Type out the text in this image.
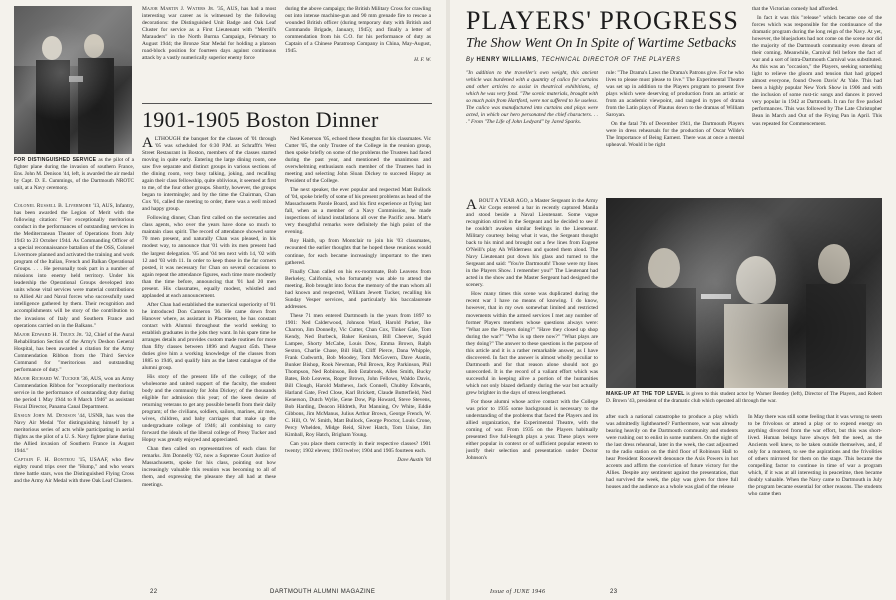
FOR DISTINGUISHED SERVICE as the pilot of a fighter plane during the invasion of southern France, Ens. John M. Denison '44, left, is awarded the air medal by Capt. D. E. Cummings, of the Dartmouth NROTC unit, at a Navy ceremony.

Colonel Russell B. Livermore '13, AUS, Infantry, has been awarded the Legion of Merit with the following citation: "For exceptionally meritorious conduct in the performances of outstanding services in the Mediterranean Theater of Operations from July 1943 to 23 October 1944. As Commanding Officer of a special reconnaissance battalion of the OSS, Colonel Livermore planned and activated the training and work program of the Italian, French and Balkan Operational Groups. . . . He personally took part in a number of missions into enemy held territory. Under his leadership the Operational Groups developed into units whose vital services were material contributions to Allied Air and Naval forces who successfully used intelligence gathered by them. Their recognition and accomplishments will be story of the contribution to the invasions of Italy and Southern France and operations carried on in the Balkans."

Major Edward H. Truex Jr. '32, Chief of the Aural Rehabilitation Section of the Army's Deshon General Hospital, has been awarded a citation for the Army Commendation Ribbon from the Third Service Command for "meritorious and outstanding performance of duty."

Major Richard W. Tucker '36, AUS, won an Army Commendation Ribbon for "exceptionally meritorious service in the performance of outstanding duty during the period 1 May 1944 to 8 March 1946" as assistant Fiscal Director, Panama Canal Department.

Ensign John M. Denison '44, USNR, has won the Navy Air Medal "for distinguishing himself by a meritorious series of acts while participating in aerial flights as the pilot of a U. S. Navy fighter plane during the Allied invasion of Southern France in August 1944."

Captain F. H. Bonteou '15, USAAF, who flew eighty round trips over the "Hump," and who wears three battle stars, won the Distinguished Flying Cross and the Army Air Medal with three Oak Leaf Clusters.

Major Martin J. Waters Jr. '35, AUS, has had a most interesting war career as is witnessed by the following decorations: the Distinguished Unit Badge and Oak Leaf Cluster for service as a First Lieutenant with "Merrill's Marauders" in the North Burma Campaign, February to August 1944; the Bronze Star Medal for holding a platoon road-block position for fourteen days against continuous attack by a vastly numerically superior enemy force

during the above campaign; the British Military Cross for crawling out into intense machine-gun and 90 mm grenade fire to rescue a wounded British officer (during temporary duty with British and Commando Brigade, January, 1945); and finally a letter of commendation from his C.O. for his performance of duty as Captain of a Chinese Paratroop Company in China, May-August, 1945.

H. F. W.

1901-1905 Boston Dinner

ALTHOUGH the banquet for the classes of '01 through '05 was scheduled for 6:30 P.M. at Schrafft's West Street Restaurant in Boston, members of the classes started moving in quite early. Entering the large dining room, one saw five separate and distinct groups in various sections of the dining room, very busy talking, joking, and recalling again their class fellowship, quite oblivious, it seemed at first to me, of the four other groups. Shortly, however, the groups began to intermingle; and by the time the Chairman, Chan Cox '01, called the meeting to order, there was a well mixed and happy group.

Following dinner, Chan first called on the secretaries and class agents, who over the years have done so much to maintain class spirit. The record of attendance showed some 70 men present, and naturally Chan was pleased, in his modest way, to announce that '01 with its men present had the largest delegation. '05 and '04 ten next with 14, '02 with 12 and '03 with 11. In order to keep those in the far corners posted, it was necessary for Chan on several occasions to again repeat the attendance figures, each time more modestly than the time before, announcing that '01 had 20 men present. His classmates, equally modest, whistled and applauded at each announcement.

After Chan had established the numerical superiority of '01 he introduced Don Cameron '36. He came down from Hanover where, as assistant in Placement, he has constant contact with Alumni throughout the world seeking to establish graduates in the jobs they want. In his spare time he arranges details and provides custom made routines for more than fifty classes between 1896 and August 45th. These duties give him a working knowledge of the classes from 1885 to 1946, and qualify him as the latest catalogue of the alumni group.

His story of the present life of the college; of the wholesome and united support of the faculty, the student body and the community for John Dickey; of the thousands eligible for admission this year; of the keen desire of returning veterans to get any possible benefit from their daily program; of the civilians, soldiers, sailors, marines, air men, wives, children, and baby carriages that make up the undergraduate college of 1946; all combining to carry forward the ideals of the liberal college of Presy Tucker and Hopsy was greatly enjoyed and appreciated.

Chan then called on representatives of each class for remarks. Jim Donnelly '02, now a Supreme Court Justice of Massachusetts, spoke for his class, pointing out how increasingly valuable this reunion was becoming to all of them, and expressing the pleasure they all had at these meetings.

Ned Kenerson '05, echoed these thoughts for his classmates. Vic Cutter '05, the only Trustee of the College in the reunion group, then spoke briefly on some of the problems the Trustees had faced during the past year, and mentioned the unanimous and overwhelming enthusiasm each member of the Trustees had in meeting and selecting John Sloan Dickey to succeed Hopsy as President of the College.

The next speaker, the ever popular and respected Matt Bullock of '04, spoke briefly of some of his present problems as head of the Massachusetts Parole Board, and his first experience at flying last fall, when as a member of a Navy Commission, he made inspections of island installations all over the Pacific area. Matt's very thoughtful remarks were definitely the high point of the evening.

Roy Haith, up from Montclair to join his '03 classmates, recounted the earlier thoughts that he hoped these reunions would continue, for each became increasingly important to the men gathered.

Finally Chan called on his ex-roommate, Bob Leavens from Berkeley, California, who fortunately was able to attend the meeting. Bob brought into focus the memory of the man whom all had known and respected, William Jewett Tucker, recalling his Sunday Vesper services, and particularly his baccalaureate addresses.

These 71 men entered Dartmouth in the years from 1897 to 1901: Ned Calderwood, Johnson Ward, Harold Parker, Ike Charron, Jim Donnelly, Vic Cutter, Chan Cox, Tinker Gale, Tom Kendy, Ned Burbeck, Baker Kenison, Bill Cheever, Squid Lampee, Shorty McCabe, Louis Dow, Emma Brown, Ralph Sexton, Charlie Chase, Bill Hall, Cliff Pierce, Dana Whipple, Frank Cudworth, Bob Moodey, Tom McGovern, Dave Austin, Bunker Bishop, Rook Newman, Phil Brown, Roy Parkinson, Phil Thompson, Ned Robinson, Bob Estabrook, Allen Smith, Bucky Bates, Bob Leavens, Roger Brown, John Fellows, Waldo Davis, Bill Clough, Harold Mathews, Jack Connell, Chubby Edwards, Harland Gate, Fred Close, Karl Brickett, Claude Butterfield, Ned Kenerson, Dutch Wylie, Gene Dow, Pip Howard, Steve Stevens, Bob Harding, Deacon Hildreth, Pat Manning, Ov White, Eddie Gibbons, Jim McManus, Julius Arthur Brown, George French, W. C. Hill, O. W. Smith, Matt Bullock, George Proctor, Louis Crone, Percy Whelden, Midge Reid, Silver Hatch, Tom Unise, Jim Kimball, Roy Hatch, Brigham Young.

Can you place them correctly in their respective classes? 1901 twenty; 1902 eleven; 1903 twelve; 1904 and 1905 fourteen each.

Dave Austin '04

22	DARTMOUTH ALUMNI MAGAZINE
PLAYERS' PROGRESS
The Show Went On In Spite of Wartime Setbacks
By HENRY WILLIAMS, TECHNICAL DIRECTOR OF THE PLAYERS

"In addition to the traveller's own weight, this ancient vehicle was burdened with a quantity of calico for curtains and other articles to assist in theatrical exhibitions, of which he was very fond. "The scenic materials, brought with so much pain from Hartford, were not suffered to lie useless. The calico was manufactured into curtains and plays were acted, in which our hero personated the chief characters. . . ." From "The Life of John Ledyard" by Jared Sparks.

rule: "The Drama's Laws the Drama's Patrons give. For he who lives to please must please to live." The Experimental Theatre was set up in addition to the Players program to present five plays which were deserving of production from an artistic or from an academic viewpoint, and ranged in types of drama from the Latin plays of Plautus down to the dramas of William Saroyan.

On the fatal 7th of December 1941, the Dartmouth Players were in dress rehearsals for the production of Oscar Wilde's The Importance of Being Earnest. There was at once a mental upheaval. Would it be right

that the Victorian comedy had afforded.

In fact it was this "release" which became one of the forces which was responsible for the continuance of the dramatic program during the long reign of the Navy. At yet, however, the bluejackets had not come on the scene nor did the majority of the Dartmouth community even dream of their coming. Meanwhile, Carnival fell before the fact of war and a sort of intra-Dartmouth Carnival was substituted. As this was an "occasion," the Players, seeking something light to relieve the gloom and tension that had gripped almost everyone, found Owen Davis' At Yale. This had been a highly popular New York Show in 1906 and with the inclusion of some rust-tic songs and dances it proved very popular in 1942 at Dartmouth. It ran for five packed performances. This was followed by The Late Christopher Bean in March and Out of the Frying Pan in April. This was repeated for Commencement.

ABOUT A YEAR AGO, a Master Sergeant in the Army Air Corps entered a bar in recently captured Manila and stood beside a Naval Lieutenant. Some vague recognition stirred in the Sergeant and he decided to see if he couldn't awaken similar feelings in the Lieutenant. Military courtesy being what it was, the Sergeant thought back to his mind and brought out a few lines from Eugene O'Neill's play Ah Wilderness and quoted them aloud. The Navy Lieutenant put down his glass and turned to the Sergeant and said: "You're Dartmouth! Those were my lines in the Players Show. I remember you!" The Lieutenant had acted in the show and the Master Sergeant had designed the scenery.

How many times this scene was duplicated during the recent war I have no means of knowing. I do know, however, that in my own somewhat limited and restricted movements within the armed services I met any number of former Players members whose questions always were: "What are the Players doing?" "Have they closed up shop during the war?" "Who is up there now?" "What plays are they doing?" The answer to these questions is the purpose of this article and it is a rather remarkable answer, as I have discovered. In fact the answer is almost wholly peculiar to Dartmouth and for that reason alone should not go unrecorded. It is the record of a valiant effort which was successful in keeping alive a portion of the humanities which not only blazed defiantly during the war but actually grew brighter in the days of stress lengthened.

For those alumni whose active contact with the College was prior to 1935 some background is necessary to the understanding of the problems that faced the Players and its allied organization, the Experimental Theatre, with the coming of war. From 1935 on the Players habitually presented five full-length plays a year. These plays were either popular in context or of sufficient popular esteem to justify their selection and presentation under Doctor Johnson's

MAKE-UP AT THE TOP LEVEL is given to this student actor by Warner Bentley (left), Director of The Players, and Robert D. Brown '43, president of the dramatic club which operated all through the war.

after such a national catastrophe to produce a play which was admittedly lighthearted? Furthermore, war was already bearing heavily on the Dartmouth community and students were rushing out to enlist in some numbers. On the night of the last dress rehearsal, later in the week, the cast adjourned to the radio station on the third floor of Robinson Hall to hear President Roosevelt denounce the Axis Powers in hot accents and affirm the conviction of future victory for the Allies. Despite any sentiment against the presentation, that had survived the week, the play was given for three full houses and the audience as a whole was glad of the release

In May there was still some feeling that it was wrong to seem to be frivolous or attend a play or to expend energy on anything divorced from the war effort, but this was short-lived. Human beings have always felt the need, as the Ancients well knew, to be taken outside themselves, and, if only for a moment, to see the aspirations and the frivolities of others mirrored for them on the stage. This became the compelling factor to continue in time of war a program which, if it was at all interesting in peacetime, then became doubly valuable. When the Navy came to Dartmouth in July the program became essential for other reasons. The students who came then

Issue of JUNE 1946	23
